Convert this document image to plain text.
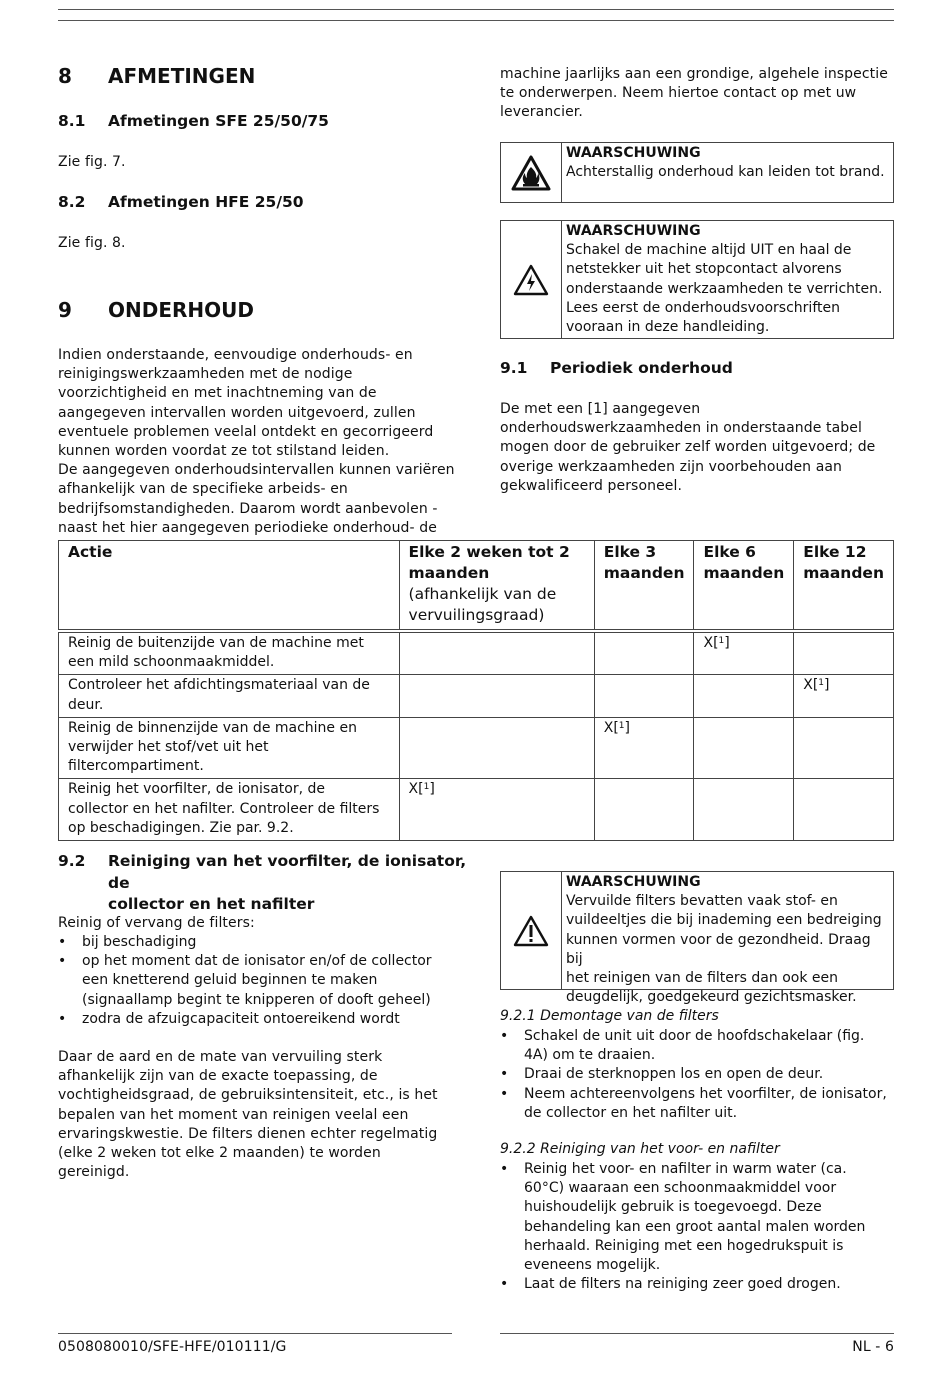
8 AFMETINGEN
8.1 Afmetingen SFE 25/50/75
Zie fig. 7.
8.2 Afmetingen HFE 25/50
Zie fig. 8.
9 ONDERHOUD
Indien onderstaande, eenvoudige onderhouds- en
reinigingswerkzaamheden met de nodige
voorzichtigheid en met inachtneming van de
aangegeven intervallen worden uitgevoerd, zullen
eventuele problemen veelal ontdekt en gecorrigeerd
kunnen worden voordat ze tot stilstand leiden.
De aangegeven onderhoudsintervallen kunnen variëren
afhankelijk van de specifieke arbeids- en
bedrijfsomstandigheden. Daarom wordt aanbevolen -
naast het hier aangegeven periodieke onderhoud- de
machine jaarlijks aan een grondige, algehele inspectie
te onderwerpen. Neem hiertoe contact op met uw
leverancier.
WAARSCHUWING
Achterstallig onderhoud kan leiden tot brand.
WAARSCHUWING
Schakel de machine altijd UIT en haal de
netstekker uit het stopcontact alvorens
onderstaande werkzaamheden te verrichten.
Lees eerst de onderhoudsvoorschriften
vooraan in deze handleiding.
9.1 Periodiek onderhoud
De met een [1] aangegeven
onderhoudswerkzaamheden in onderstaande tabel
mogen door de gebruiker zelf worden uitgevoerd; de
overige werkzaamheden zijn voorbehouden aan
gekwalificeerd personeel.
Actie	Elke 2 weken tot 2 maanden
(afhankelijk van de vervuilingsgraad)	Elke 3 maanden	Elke 6 maanden	Elke 12 maanden
Reinig de buitenzijde van de machine met een mild schoonmaakmiddel.			X[$^1$]	
Controleer het afdichtingsmateriaal van de deur.				X[$^1$]
Reinig de binnenzijde van de machine en verwijder het stof/vet uit het filtercompartiment.		X[$^1$]		
Reinig het voorfilter, de ionisator, de collector en het nafilter. Controleer de filters op beschadigingen. Zie par. 9.2.	X[$^1$]			
9.2	Reiniging van het voorfilter, de ionisator, de
collector en het nafilter
Reinig of vervang de filters:
• bij beschadiging
• op het moment dat de ionisator en/of de collector
een knetterend geluid beginnen te maken
(signaallamp begint te knipperen of dooft geheel)
• zodra de afzuigcapaciteit ontoereikend wordt
Daar de aard en de mate van vervuiling sterk
afhankelijk zijn van de exacte toepassing, de
vochtigheidsgraad, de gebruiksintensiteit, etc., is het
bepalen van het moment van reinigen veelal een
ervaringskwestie. De filters dienen echter regelmatig
(elke 2 weken tot elke 2 maanden) te worden
gereinigd.
WAARSCHUWING
Vervuilde filters bevatten vaak stof- en
vuildeeltjes die bij inademing een bedreiging
kunnen vormen voor de gezondheid. Draag bij
het reinigen van de filters dan ook een
deugdelijk, goedgekeurd gezichtsmasker.
9.2.1 Demontage van de filters
• Schakel de unit uit door de hoofdschakelaar (fig.
4A) om te draaien.
• Draai de sterknoppen los en open de deur.
• Neem achtereenvolgens het voorfilter, de ionisator,
de collector en het nafilter uit.
9.2.2 Reiniging van het voor- en nafilter
• Reinig het voor- en nafilter in warm water (ca.
60°C) waaraan een schoonmaakmiddel voor
huishoudelijk gebruik is toegevoegd. Deze
behandeling kan een groot aantal malen worden
herhaald. Reiniging met een hogedrukspuit is
eveneens mogelijk.
• Laat de filters na reiniging zeer goed drogen.
0508080010/SFE-HFE/010111/G	NL - 6
